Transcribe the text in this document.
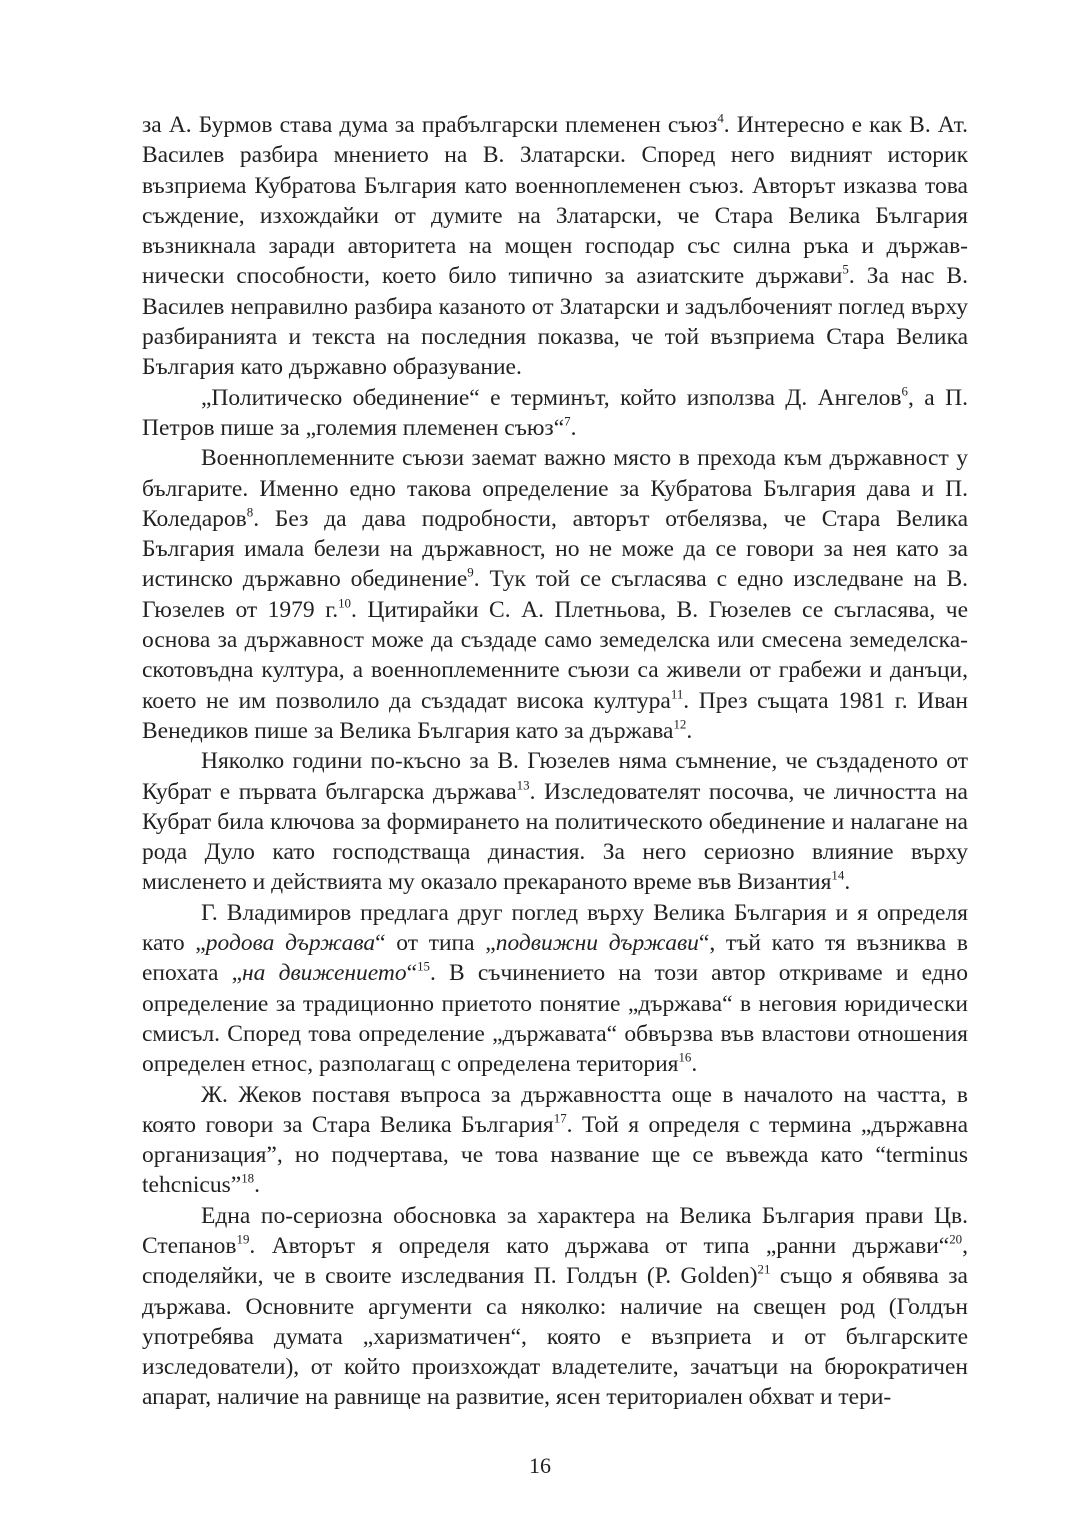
за А. Бурмов става дума за прабългарски племенен съюз$^4$. Интересно е как В. Ат. Василев разбира мнението на В. Златарски. Според него видният историк възприема Кубратова България като военноплеменен съюз. Авторът изказва това съждение, изхождайки от думите на Златарски, че Стара Велика България възникнала заради авторитета на мощен господар със силна ръка и държавнически способности, което било типично за азиатските държави$^5$. За нас В. Василев неправилно разбира казаното от Златарски и задълбоченият поглед върху разбиранията и текста на последния показва, че той възприема Стара Велика България като държавно образувание.

„Политическо обединение“ е терминът, който използва Д. Ангелов$^6$, а П. Петров пише за „големия племенен съюз“$^7$.

Военноплеменните съюзи заемат важно място в прехода към държавност у българите. Именно едно такова определение за Кубратова България дава и П. Коледаров$^8$. Без да дава подробности, авторът отбелязва, че Стара Велика България имала белези на държавност, но не може да се говори за нея като за истинско държавно обединение$^9$. Тук той се съгласява с едно изследване на В. Гюзелев от 1979 г.$^{10}$. Цитирайки С. А. Плетньова, В. Гюзелев се съгласява, че основа за държавност може да създаде само земеделска или смесена земеделска-скотовъдна култура, а военноплеменните съюзи са живели от грабежи и данъци, което не им позволило да създадат висока култура$^{11}$. През същата 1981 г. Иван Венедиков пише за Велика България като за държава$^{12}$.

Няколко години по-късно за В. Гюзелев няма съмнение, че създаденото от Кубрат е първата българска държава$^{13}$. Изследователят посочва, че личността на Кубрат била ключова за формирането на политическото обединение и налагане на рода Дуло като господстваща династия. За него сериозно влияние върху мисленето и действията му оказало прекараното време във Византия$^{14}$.

Г. Владимиров предлага друг поглед върху Велика България и я определя като „родова държава“ от типа „подвижни държави“, тъй като тя възниква в епохата „на движението“$^{15}$. В съчинението на този автор откриваме и едно определение за традиционно приетото понятие „държава“ в неговия юридически смисъл. Според това определение „държавата“ обвързва във властови отношения определен етнос, разполагащ с определена територия$^{16}$.

Ж. Жеков поставя въпроса за държавността още в началото на частта, в която говори за Стара Велика България$^{17}$. Той я определя с термина „държавна организация”, но подчертава, че това название ще се въвежда като “terminus tehcnicus”$^{18}$.

Една по-сериозна обосновка за характера на Велика България прави Цв. Степанов$^{19}$. Авторът я определя като държава от типа „ранни държави“$^{20}$, споделяйки, че в своите изследвания П. Голдън (P. Golden)$^{21}$ също я обявява за държава. Основните аргументи са няколко: наличие на свещен род (Голдън употребява думата „харизматичен“, която е възприета и от българските изследователи), от който произхождат владетелите, зачатъци на бюрократичен апарат, наличие на равнище на развитие, ясен териториален обхват и тери-

16
